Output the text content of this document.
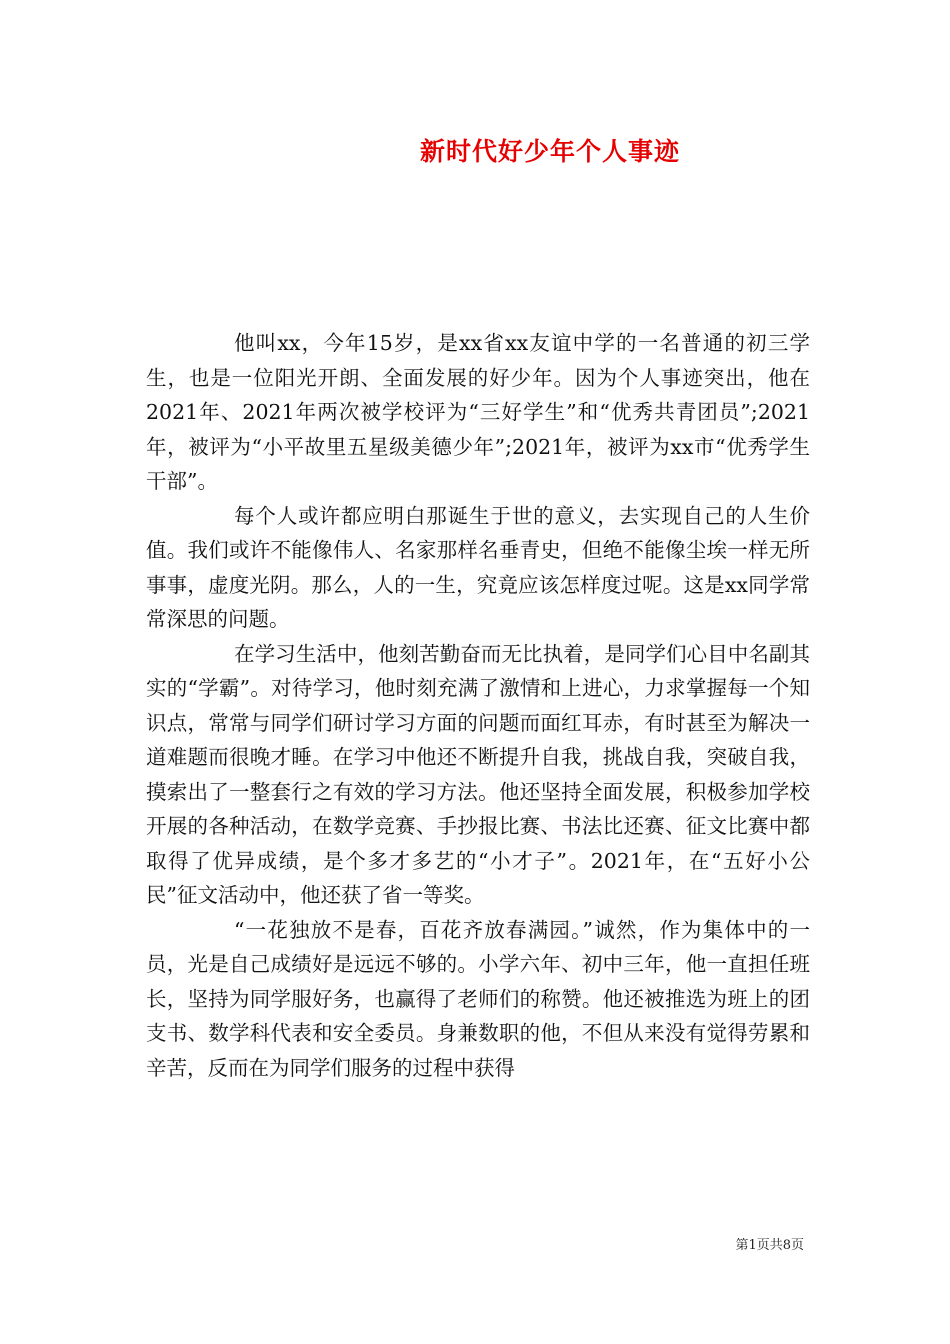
新时代好少年个人事迹

他叫xx，今年15岁，是xx省xx友谊中学的一名普通的初三学生，也是一位阳光开朗、全面发展的好少年。因为个人事迹突出，他在2021年、2021年两次被学校评为“三好学生”和“优秀共青团员”;2021年，被评为“小平故里五星级美德少年”;2021年，被评为xx市“优秀学生干部”。

每个人或许都应明白那诞生于世的意义，去实现自己的人生价值。我们或许不能像伟人、名家那样名垂青史，但绝不能像尘埃一样无所事事，虚度光阴。那么，人的一生，究竟应该怎样度过呢。这是xx同学常常深思的问题。

在学习生活中，他刻苦勤奋而无比执着，是同学们心目中名副其实的“学霸”。对待学习，他时刻充满了激情和上进心，力求掌握每一个知识点，常常与同学们研讨学习方面的问题而面红耳赤，有时甚至为解决一道难题而很晚才睡。在学习中他还不断提升自我，挑战自我，突破自我，摸索出了一整套行之有效的学习方法。他还坚持全面发展，积极参加学校开展的各种活动，在数学竞赛、手抄报比赛、书法比还赛、征文比赛中都取得了优异成绩，是个多才多艺的“小才子”。2021年，在“五好小公民”征文活动中，他还获了省一等奖。

“一花独放不是春，百花齐放春满园。”诚然，作为集体中的一员，光是自己成绩好是远远不够的。小学六年、初中三年，他一直担任班长，坚持为同学服好务，也赢得了老师们的称赞。他还被推选为班上的团支书、数学科代表和安全委员。身兼数职的他，不但从来没有觉得劳累和辛苦，反而在为同学们服务的过程中获得

第1页共8页
